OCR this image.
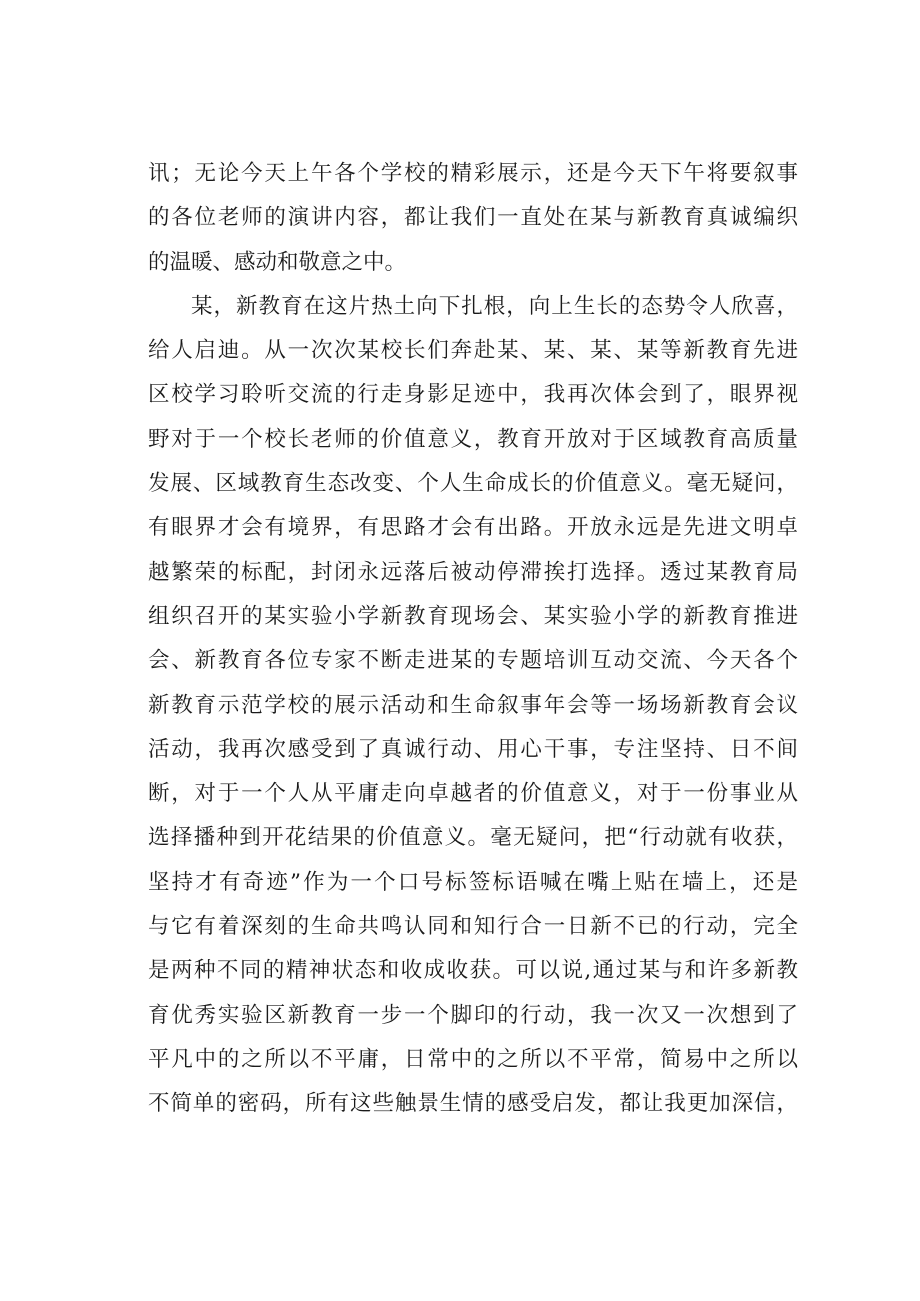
讯；无论今天上午各个学校的精彩展示，还是今天下午将要叙事
的各位老师的演讲内容，都让我们一直处在某与新教育真诚编织
的温暖、感动和敬意之中。
某，新教育在这片热土向下扎根，向上生长的态势令人欣喜，
给人启迪。从一次次某校长们奔赴某、某、某、某等新教育先进
区校学习聆听交流的行走身影足迹中，我再次体会到了，眼界视
野对于一个校长老师的价值意义，教育开放对于区域教育高质量
发展、区域教育生态改变、个人生命成长的价值意义。毫无疑问，
有眼界才会有境界，有思路才会有出路。开放永远是先进文明卓
越繁荣的标配，封闭永远落后被动停滞挨打选择。透过某教育局
组织召开的某实验小学新教育现场会、某实验小学的新教育推进
会、新教育各位专家不断走进某的专题培训互动交流、今天各个
新教育示范学校的展示活动和生命叙事年会等一场场新教育会议
活动，我再次感受到了真诚行动、用心干事，专注坚持、日不间
断，对于一个人从平庸走向卓越者的价值意义，对于一份事业从
选择播种到开花结果的价值意义。毫无疑问，把“行动就有收获，
坚持才有奇迹”作为一个口号标签标语喊在嘴上贴在墙上，还是
与它有着深刻的生命共鸣认同和知行合一日新不已的行动，完全
是两种不同的精神状态和收成收获。可以说,通过某与和许多新教
育优秀实验区新教育一步一个脚印的行动，我一次又一次想到了
平凡中的之所以不平庸，日常中的之所以不平常，简易中之所以
不简单的密码，所有这些触景生情的感受启发，都让我更加深信，
